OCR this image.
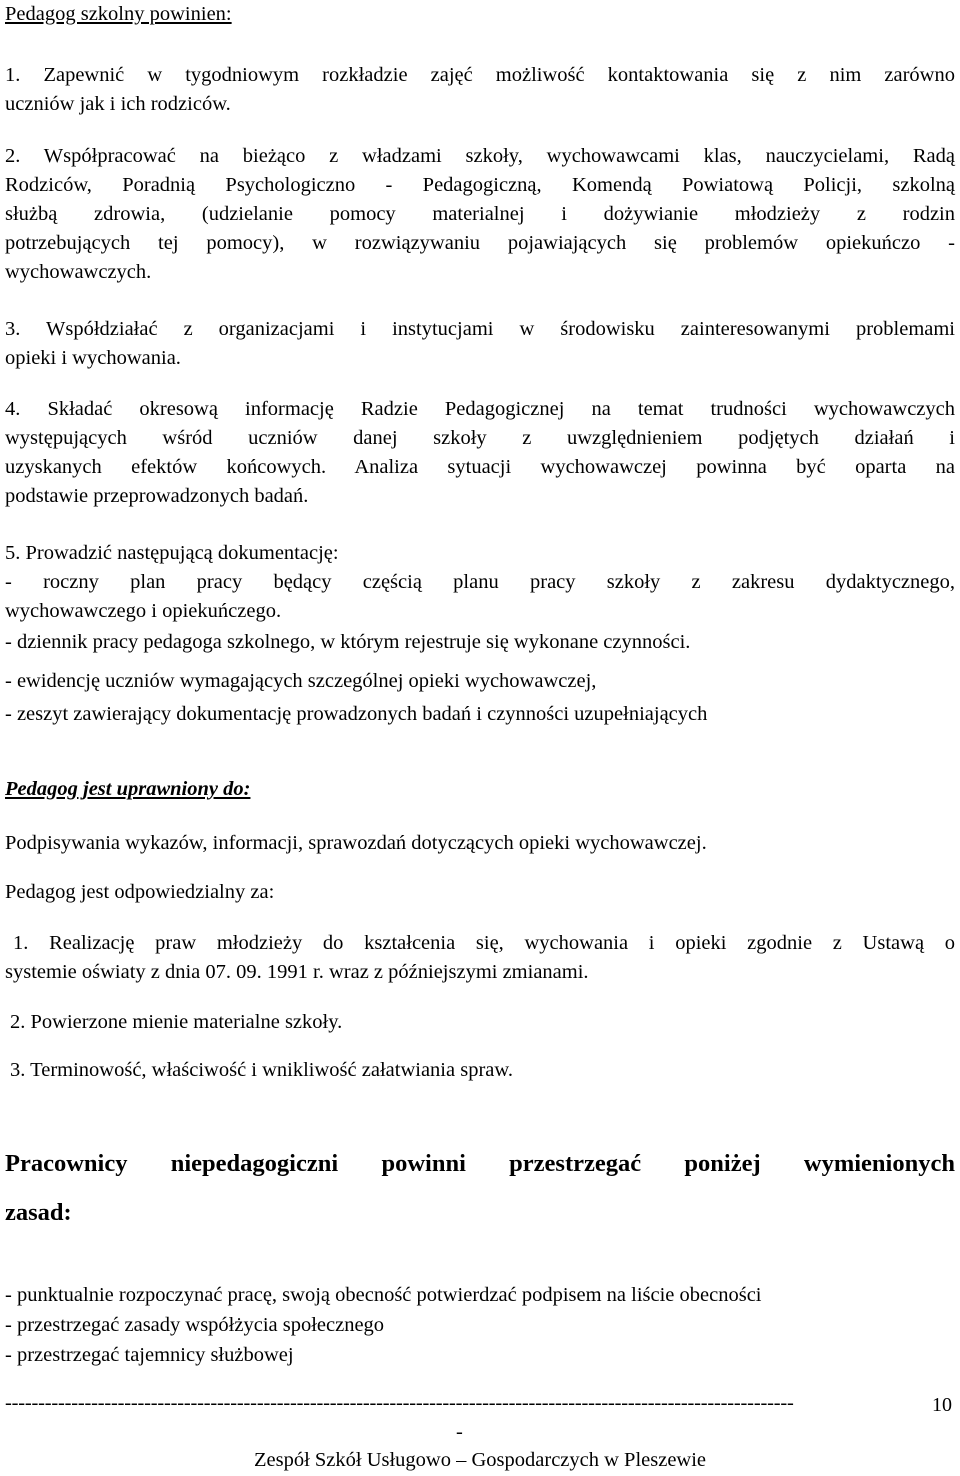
Pedagog szkolny powinien:
1. Zapewnić w tygodniowym rozkładzie zajęć możliwość kontaktowania się z nim zarówno
uczniów jak i ich rodziców.
2. Współpracować na bieżąco z władzami szkoły, wychowawcami klas, nauczycielami, Radą
Rodziców, Poradnią Psychologiczno - Pedagogiczną, Komendą Powiatową Policji, szkolną
służbą zdrowia, (udzielanie pomocy materialnej i dożywianie młodzieży z rodzin
potrzebujących tej pomocy), w rozwiązywaniu pojawiających się problemów opiekuńczo -
wychowawczych.
3. Współdziałać z organizacjami i instytucjami w środowisku zainteresowanymi problemami
opieki i wychowania.
4. Składać okresową informację Radzie Pedagogicznej na temat trudności wychowawczych
występujących wśród uczniów danej szkoły z uwzględnieniem podjętych działań i
uzyskanych efektów końcowych. Analiza sytuacji wychowawczej powinna być oparta na
podstawie przeprowadzonych badań.
5. Prowadzić następującą dokumentację:
- roczny plan pracy będący częścią planu pracy szkoły z zakresu dydaktycznego,
wychowawczego i opiekuńczego.
- dziennik pracy pedagoga szkolnego, w którym rejestruje się wykonane czynności.
- ewidencję uczniów wymagających szczególnej opieki wychowawczej,
- zeszyt zawierający dokumentację prowadzonych badań i czynności uzupełniających
Pedagog jest uprawniony do:
Podpisywania wykazów, informacji, sprawozdań dotyczących opieki wychowawczej.
Pedagog jest odpowiedzialny za:
1. Realizację praw młodzieży do kształcenia się, wychowania i opieki zgodnie z Ustawą o
systemie oświaty z dnia 07. 09. 1991 r. wraz z późniejszymi zmianami.
2. Powierzone mienie materialne szkoły.
3. Terminowość, właściwość i wnikliwość załatwiania spraw.
Pracownicy niepedagogiczni powinni przestrzegać poniżej wymienionych
zasad:
- punktualnie rozpoczynać pracę, swoją obecność potwierdzać podpisem na liście obecności
- przestrzegać zasady współżycia społecznego
- przestrzegać tajemnicy służbowej
-----------------------------------------------------------------------------------------------------------------------	10
-
Zespół Szkół Usługowo – Gospodarczych w Pleszewie
